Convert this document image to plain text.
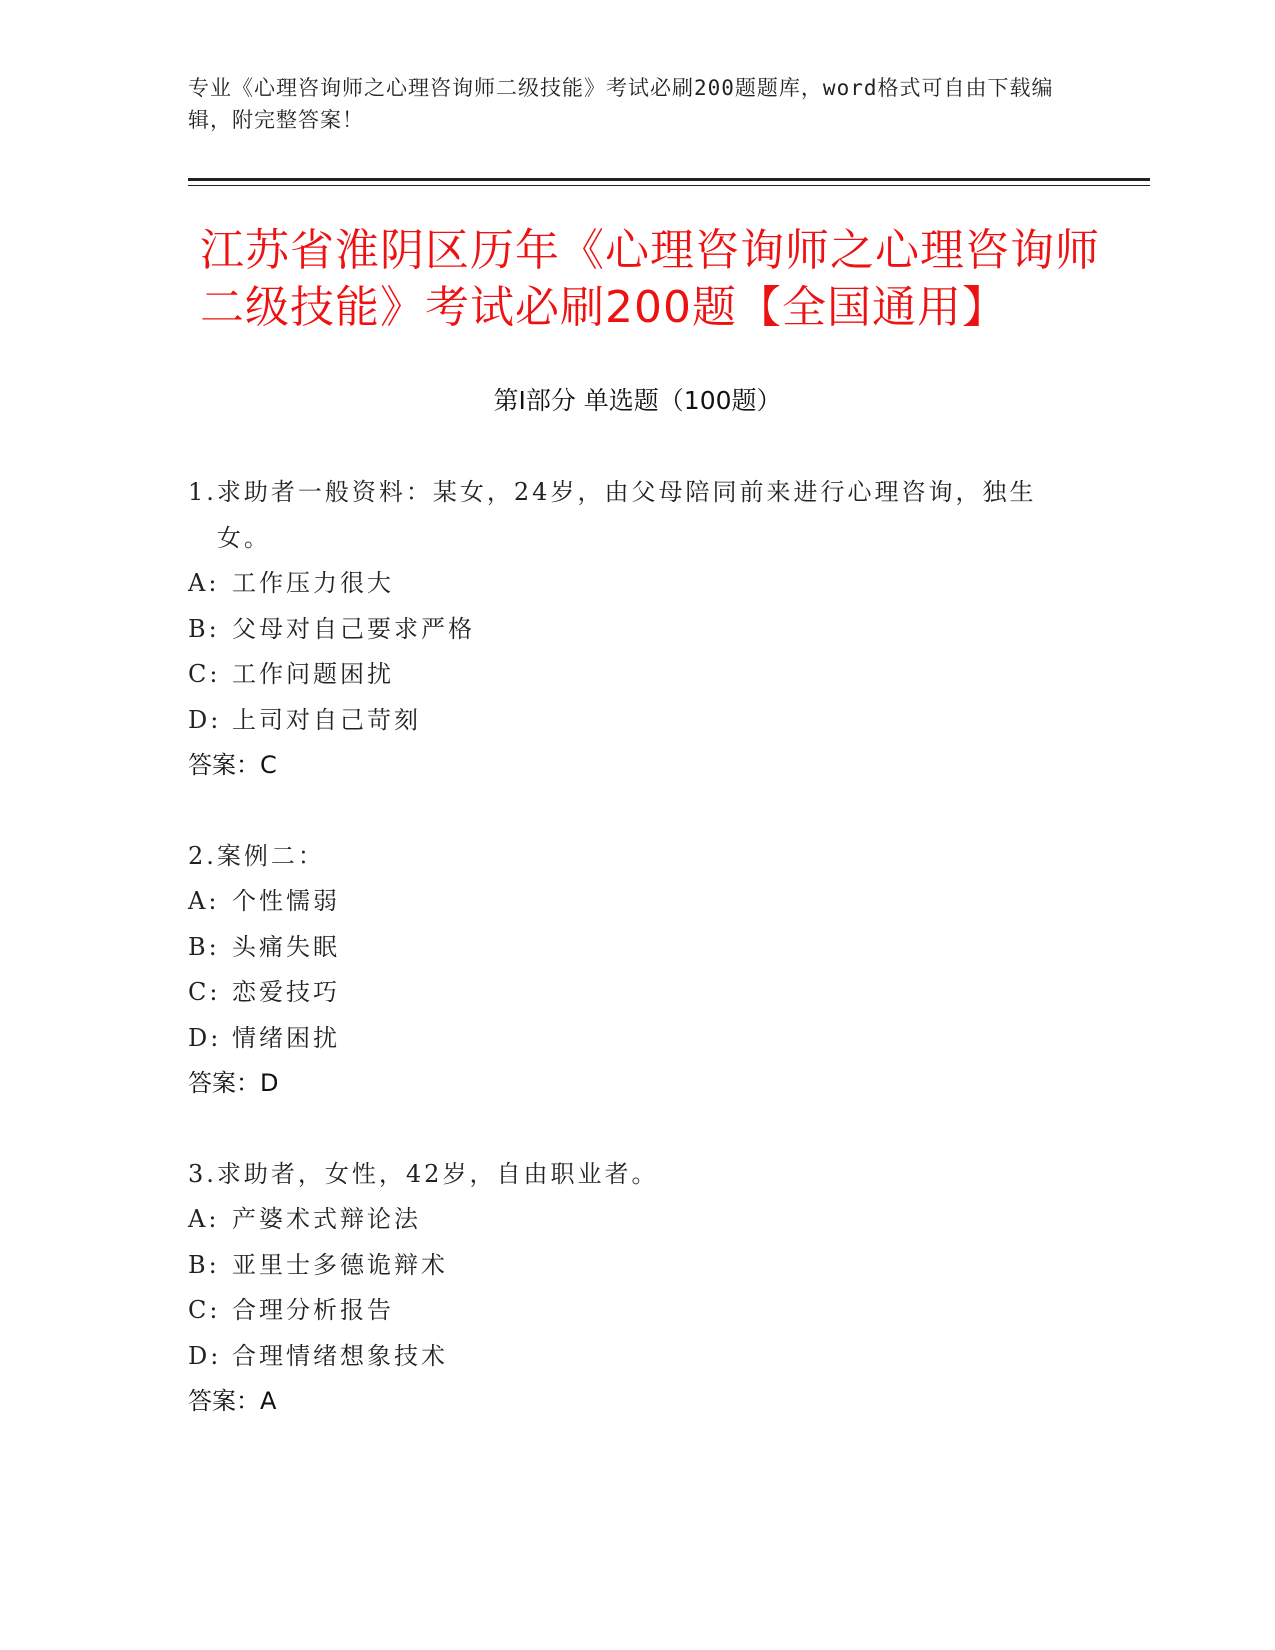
专业《心理咨询师之心理咨询师二级技能》考试必刷200题题库，word格式可自由下载编辑，附完整答案！
江苏省淮阴区历年《心理咨询师之心理咨询师二级技能》考试必刷200题【全国通用】
第Ⅰ部分 单选题（100题）
1. 求助者一般资料：某女，24岁，由父母陪同前来进行心理咨询，独生女。
A: 工作压力很大
B: 父母对自己要求严格
C: 工作问题困扰
D: 上司对自己苛刻
答案：C
2. 案例二：
A: 个性懦弱
B: 头痛失眠
C: 恋爱技巧
D: 情绪困扰
答案：D
3. 求助者，女性，42岁，自由职业者。
A: 产婆术式辩论法
B: 亚里士多德诡辩术
C: 合理分析报告
D: 合理情绪想象技术
答案：A
